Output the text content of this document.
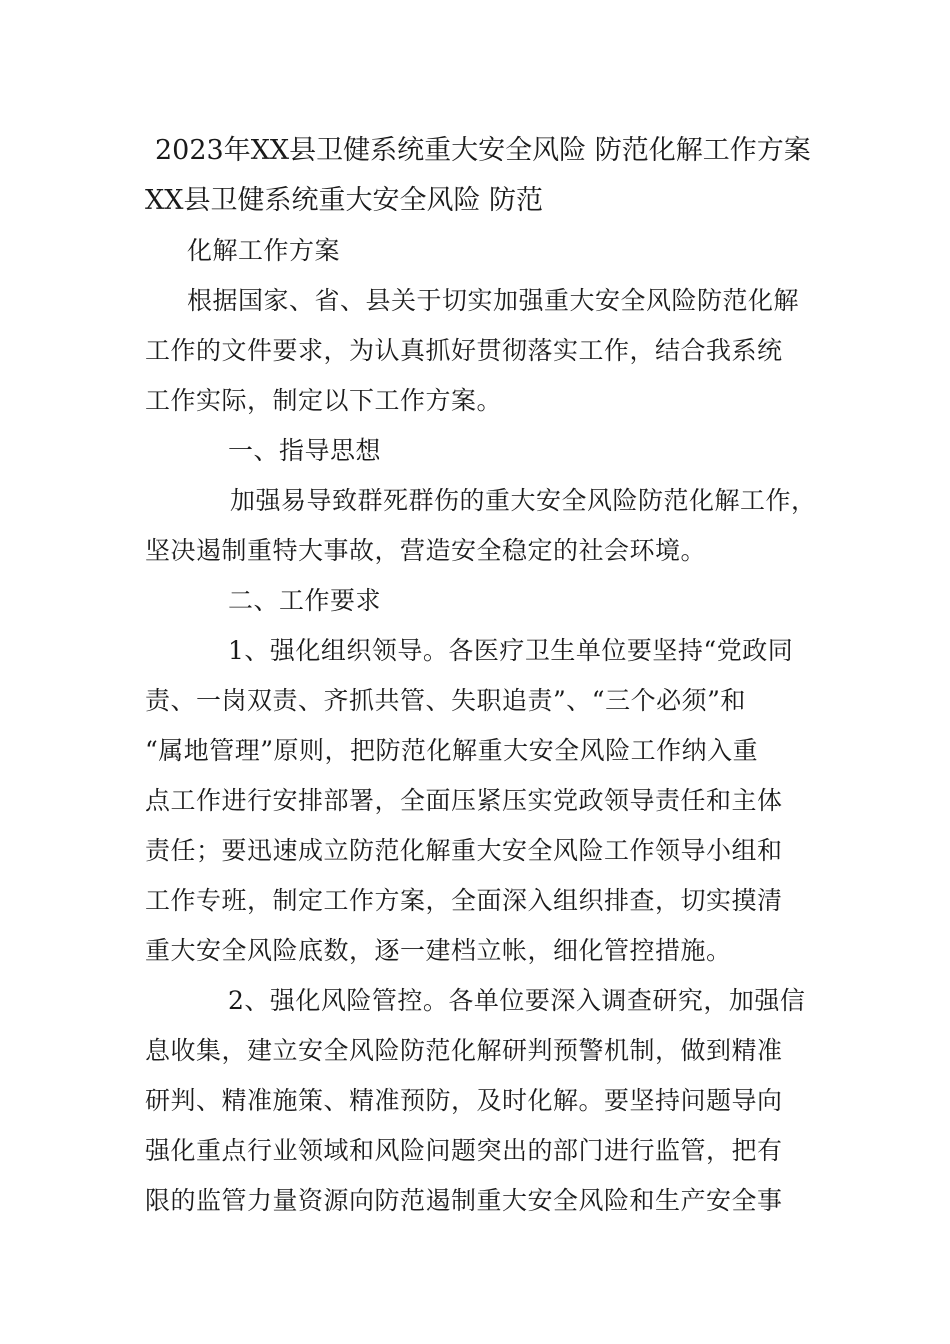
2023年XX县卫健系统重大安全风险 防范化解工作方案
XX县卫健系统重大安全风险 防范
化解工作方案
根据国家、省、县关于切实加强重大安全风险防范化解
工作的文件要求，为认真抓好贯彻落实工作，结合我系统
工作实际，制定以下工作方案。
一、指导思想
加强易导致群死群伤的重大安全风险防范化解工作，
坚决遏制重特大事故，营造安全稳定的社会环境。
二、工作要求
1、强化组织领导。各医疗卫生单位要坚持“党政同
责、一岗双责、齐抓共管、失职追责”、“三个必须”和
“属地管理”原则，把防范化解重大安全风险工作纳入重
点工作进行安排部署，全面压紧压实党政领导责任和主体
责任；要迅速成立防范化解重大安全风险工作领导小组和
工作专班，制定工作方案，全面深入组织排查，切实摸清
重大安全风险底数，逐一建档立帐，细化管控措施。
2、强化风险管控。各单位要深入调查研究，加强信
息收集，建立安全风险防范化解研判预警机制，做到精准
研判、精准施策、精准预防，及时化解。要坚持问题导向
强化重点行业领域和风险问题突出的部门进行监管，把有
限的监管力量资源向防范遏制重大安全风险和生产安全事
